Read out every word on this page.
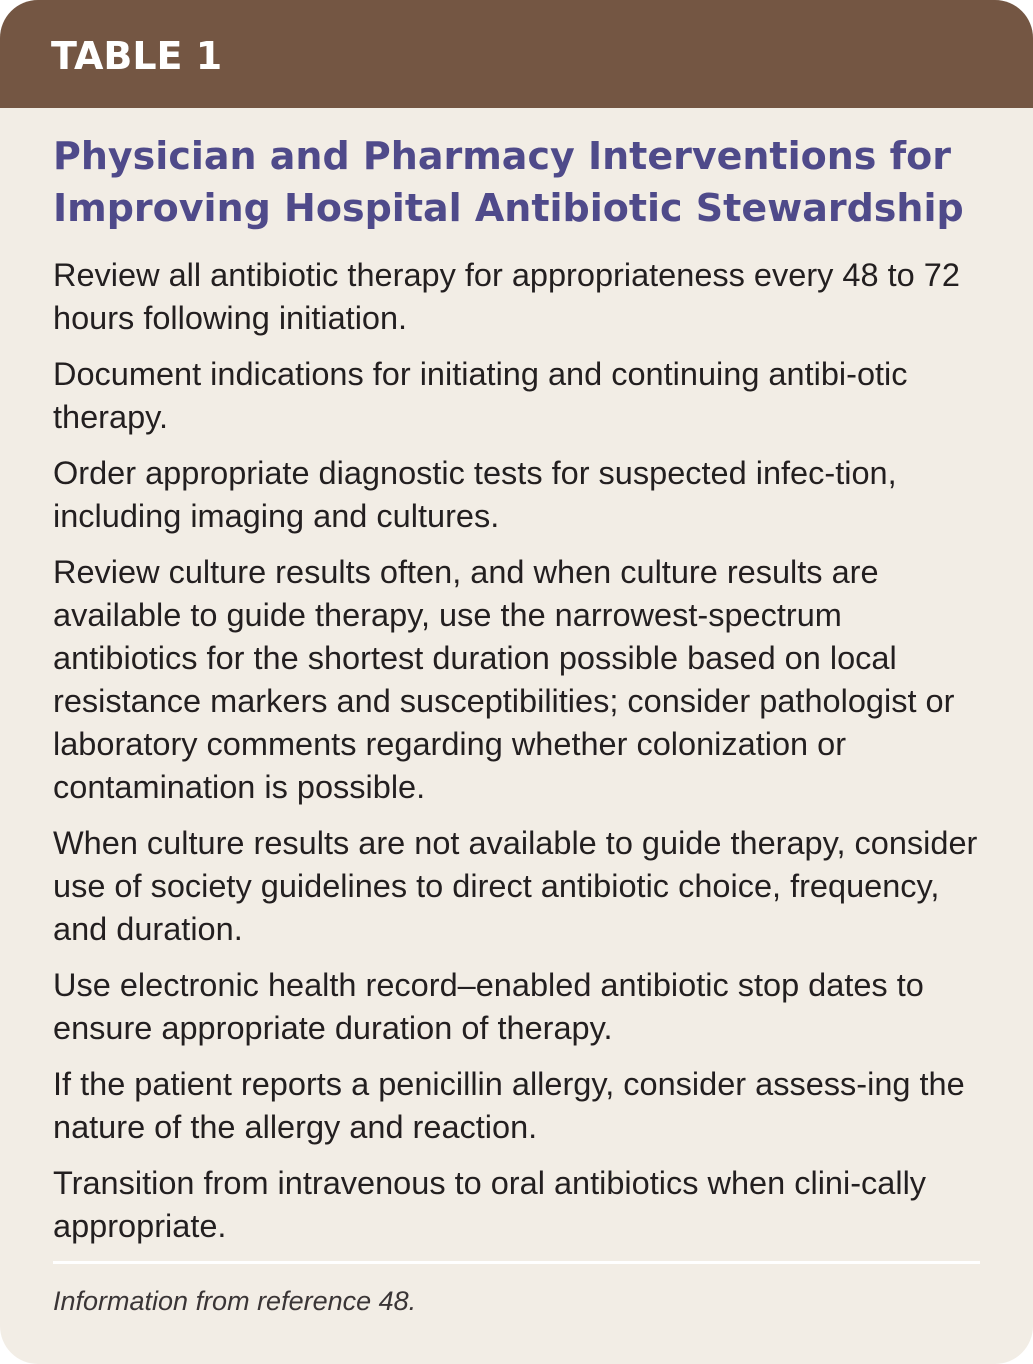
TABLE 1
Physician and Pharmacy Interventions for Improving Hospital Antibiotic Stewardship

Review all antibiotic therapy for appropriateness every 48 to 72 hours following initiation.

Document indications for initiating and continuing antibi-otic therapy.

Order appropriate diagnostic tests for suspected infec-tion, including imaging and cultures.

Review culture results often, and when culture results are available to guide therapy, use the narrowest-spectrum antibiotics for the shortest duration possible based on local resistance markers and susceptibilities; consider pathologist or laboratory comments regarding whether colonization or contamination is possible.

When culture results are not available to guide therapy, consider use of society guidelines to direct antibiotic choice, frequency, and duration.

Use electronic health record–enabled antibiotic stop dates to ensure appropriate duration of therapy.

If the patient reports a penicillin allergy, consider assess-ing the nature of the allergy and reaction.

Transition from intravenous to oral antibiotics when clini-cally appropriate.

Information from reference 48.
